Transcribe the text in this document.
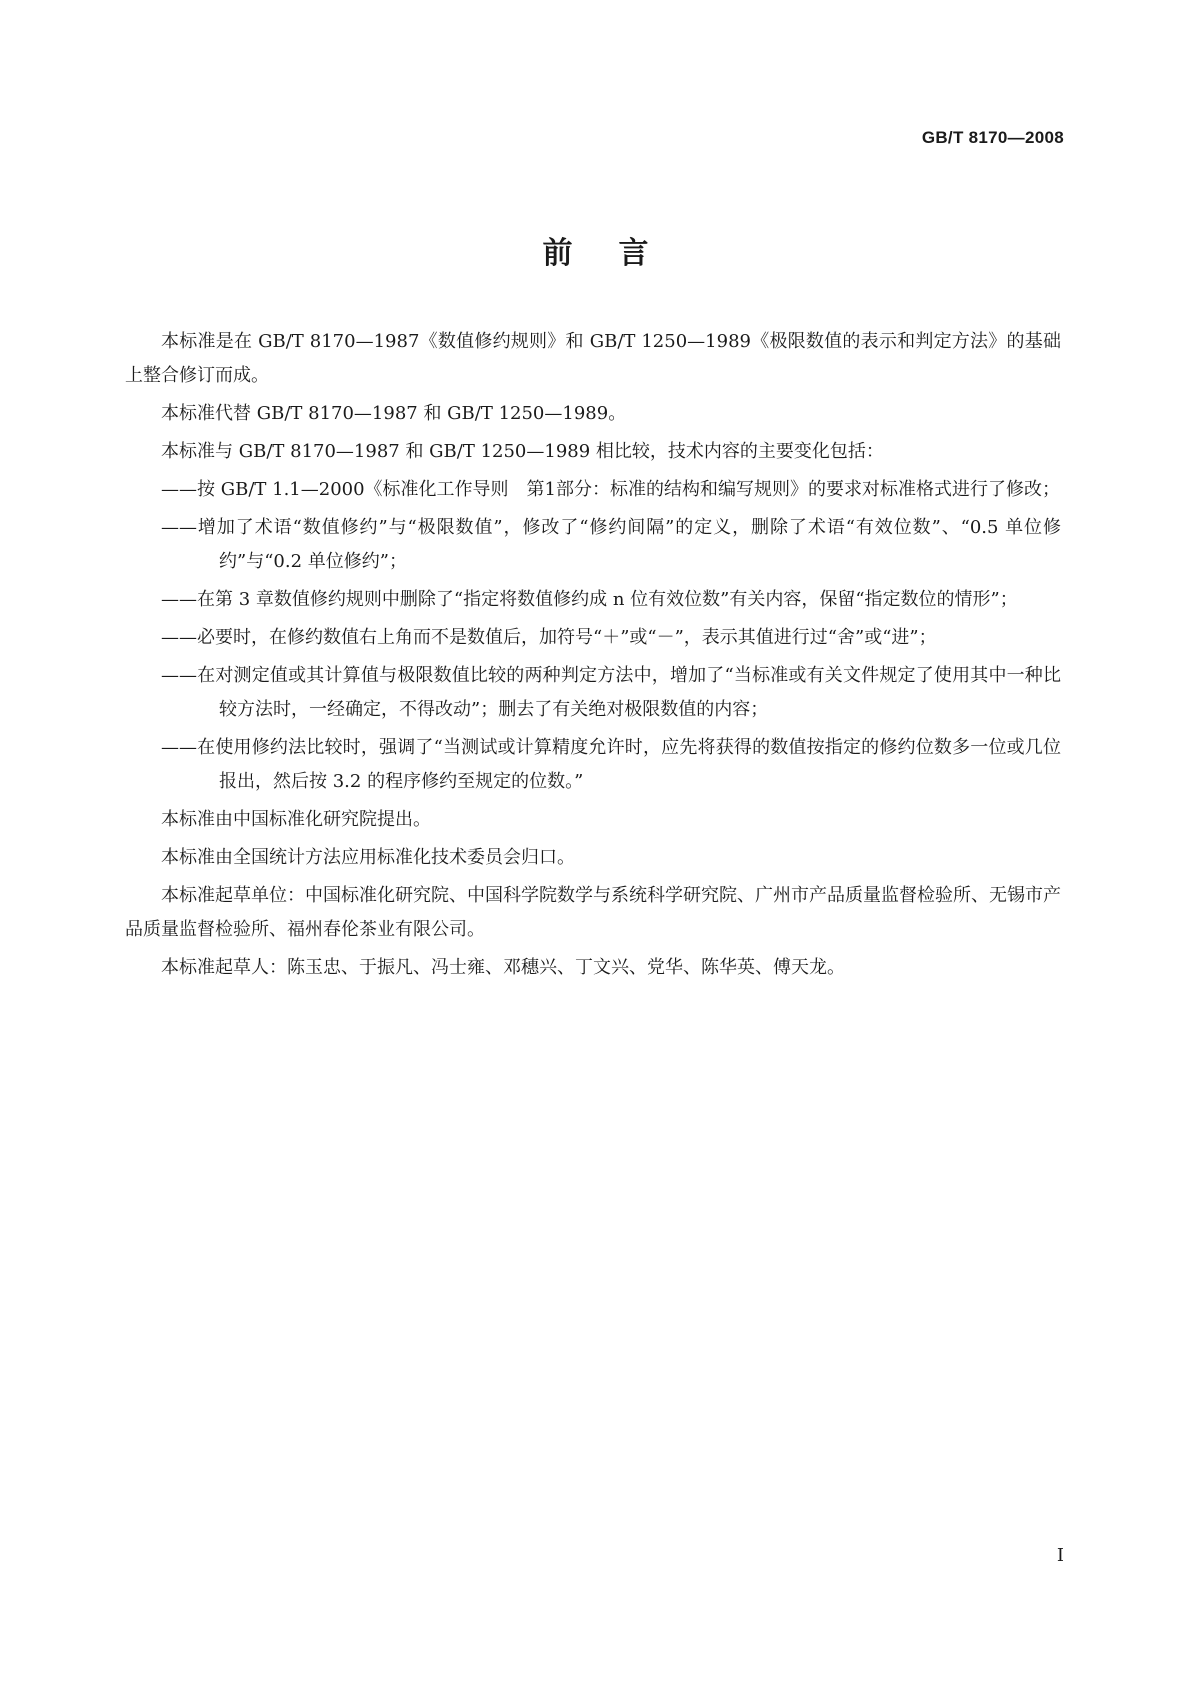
GB/T 8170—2008
前言

本标准是在 GB/T 8170—1987《数值修约规则》和 GB/T 1250—1989《极限数值的表示和判定方法》的基础上整合修订而成。

本标准代替 GB/T 8170—1987 和 GB/T 1250—1989。

本标准与 GB/T 8170—1987 和 GB/T 1250—1989 相比较，技术内容的主要变化包括：

——按 GB/T 1.1—2000《标准化工作导则　第1部分：标准的结构和编写规则》的要求对标准格式进行了修改；

——增加了术语“数值修约”与“极限数值”，修改了“修约间隔”的定义，删除了术语“有效位数”、“0.5 单位修约”与“0.2 单位修约”；

——在第 3 章数值修约规则中删除了“指定将数值修约成 n 位有效位数”有关内容，保留“指定数位的情形”；

——必要时，在修约数值右上角而不是数值后，加符号“＋”或“－”，表示其值进行过“舍”或“进”；

——在对测定值或其计算值与极限数值比较的两种判定方法中，增加了“当标准或有关文件规定了使用其中一种比较方法时，一经确定，不得改动”；删去了有关绝对极限数值的内容；

——在使用修约法比较时，强调了“当测试或计算精度允许时，应先将获得的数值按指定的修约位数多一位或几位报出，然后按 3.2 的程序修约至规定的位数。”

本标准由中国标准化研究院提出。

本标准由全国统计方法应用标准化技术委员会归口。

本标准起草单位：中国标准化研究院、中国科学院数学与系统科学研究院、广州市产品质量监督检验所、无锡市产品质量监督检验所、福州春伦茶业有限公司。

本标准起草人：陈玉忠、于振凡、冯士雍、邓穗兴、丁文兴、党华、陈华英、傅天龙。

I
